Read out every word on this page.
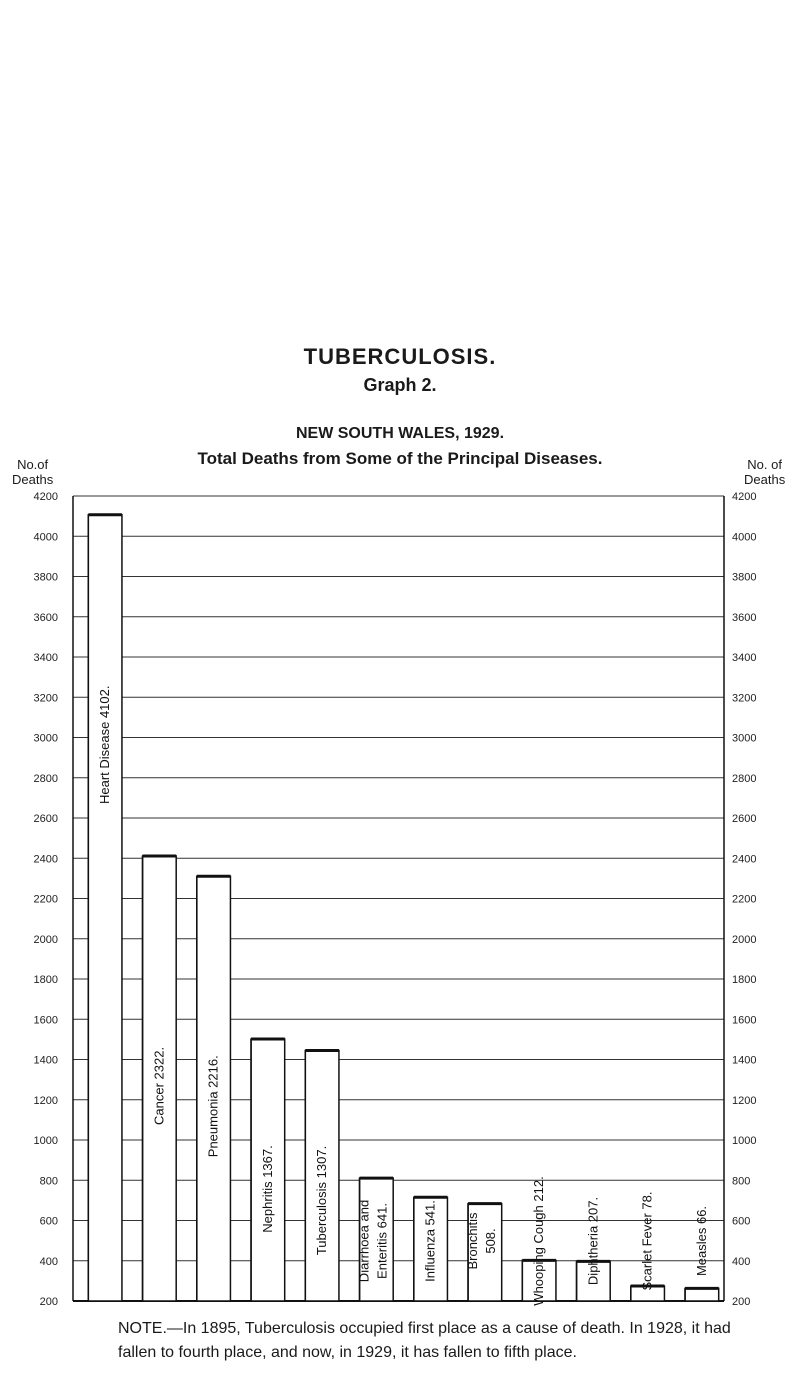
TUBERCULOSIS.
Graph 2.
NEW SOUTH WALES, 1929.
Total Deaths from Some of the Principal Diseases.
No.of
Deaths
No. of
Deaths
Heart Disease 4102.
Cancer 2322.	Pneumonia 2216.
Nephritis 1367.	Tuberculosis 1307. Diarrhoea and Enteritis 641.	Influenza 541. Bronchitis 508.	Whooping Cough 212.	Diphtheria 207.	Scarlet Fever 78.	Measles 66.
4200	4200
4000	4000
3800	3800
3600	3600
3400	3400
3200	3200
3000	3000
2800	2800
2600	2600
2400	2400
2200	2200
2000	2000
1800	1800
1600	1600
1400	1400
1200	1200
1000	1000
800	800
600	600
400	400
200	200
NOTE.—In 1895, Tuberculosis occupied first place as a cause of death. In 1928, it had fallen to fourth place, and now, in 1929, it has fallen to fifth place.
